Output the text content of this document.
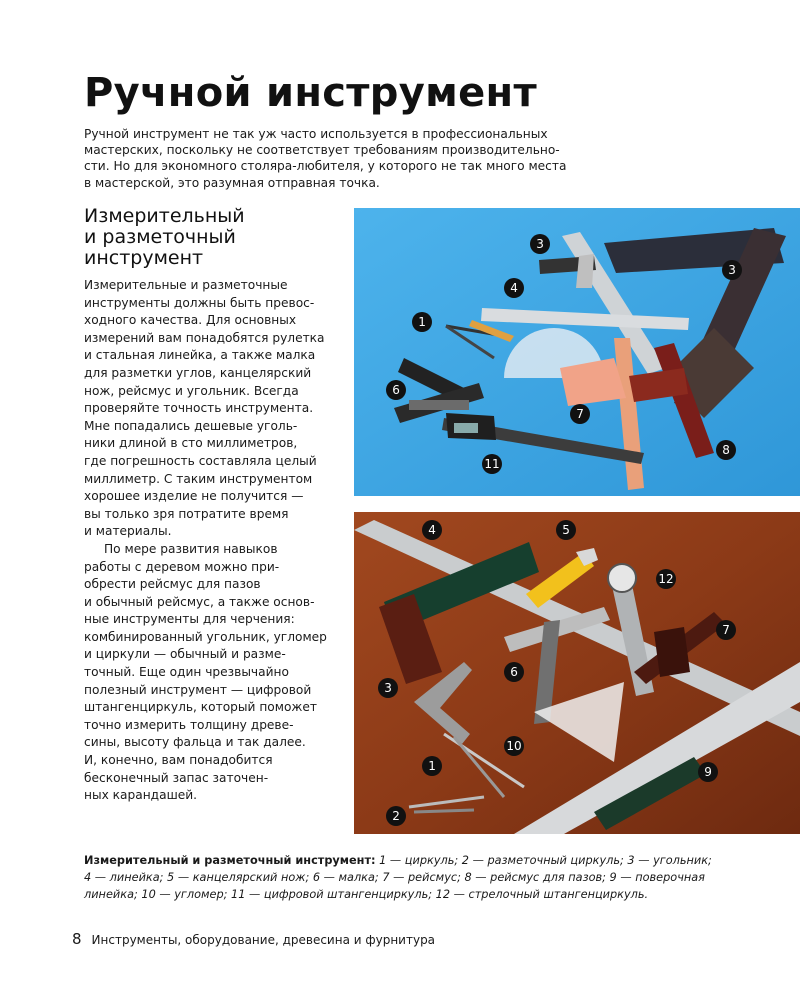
Ручной инструмент
Ручной инструмент не так уж часто используется в профессиональных
мастерских, поскольку не соответствует требованиям производительно-
сти. Но для экономного столяра-любителя, у которого не так много места
в мастерской, это разумная отправная точка.
Измерительный
и разметочный
инструмент
Измерительные и разметочные
инструменты должны быть превос-
ходного качества. Для основных
измерений вам понадобятся рулетка
и стальная линейка, а также малка
для разметки углов, канцелярский
нож, рейсмус и угольник. Всегда
проверяйте точность инструмента.
Мне попадались дешевые уголь-
ники длиной в сто миллиметров,
где погрешность составляла целый
миллиметр. С таким инструментом
хорошее изделие не получится —
вы только зря потратите время
и материалы.
По мере развития навыков
работы с деревом можно при-
обрести рейсмус для пазов
и обычный рейсмус, а также основ-
ные инструменты для черчения:
комбинированный угольник, угломер
и циркули — обычный и разме-
точный. Еще один чрезвычайно
полезный инструмент — цифровой
штангенциркуль, который поможет
точно измерить толщину древе-
сины, высоту фальца и так далее.
И, конечно, вам понадобится
бесконечный запас заточен-
ных карандашей.
3
4
3
1
6
7
8
11
4	5
12
7
3
6
10
1	9
2
Измерительный и разметочный инструмент: 1 — циркуль; 2 — разметочный циркуль; 3 — угольник;
4 — линейка; 5 — канцелярский нож; 6 — малка; 7 — рейсмус; 8 — рейсмус для пазов; 9 — поверочная
линейка; 10 — угломер; 11 — цифровой штангенциркуль; 12 — стрелочный штангенциркуль.
8 Инструменты, оборудование, древесина и фурнитура
